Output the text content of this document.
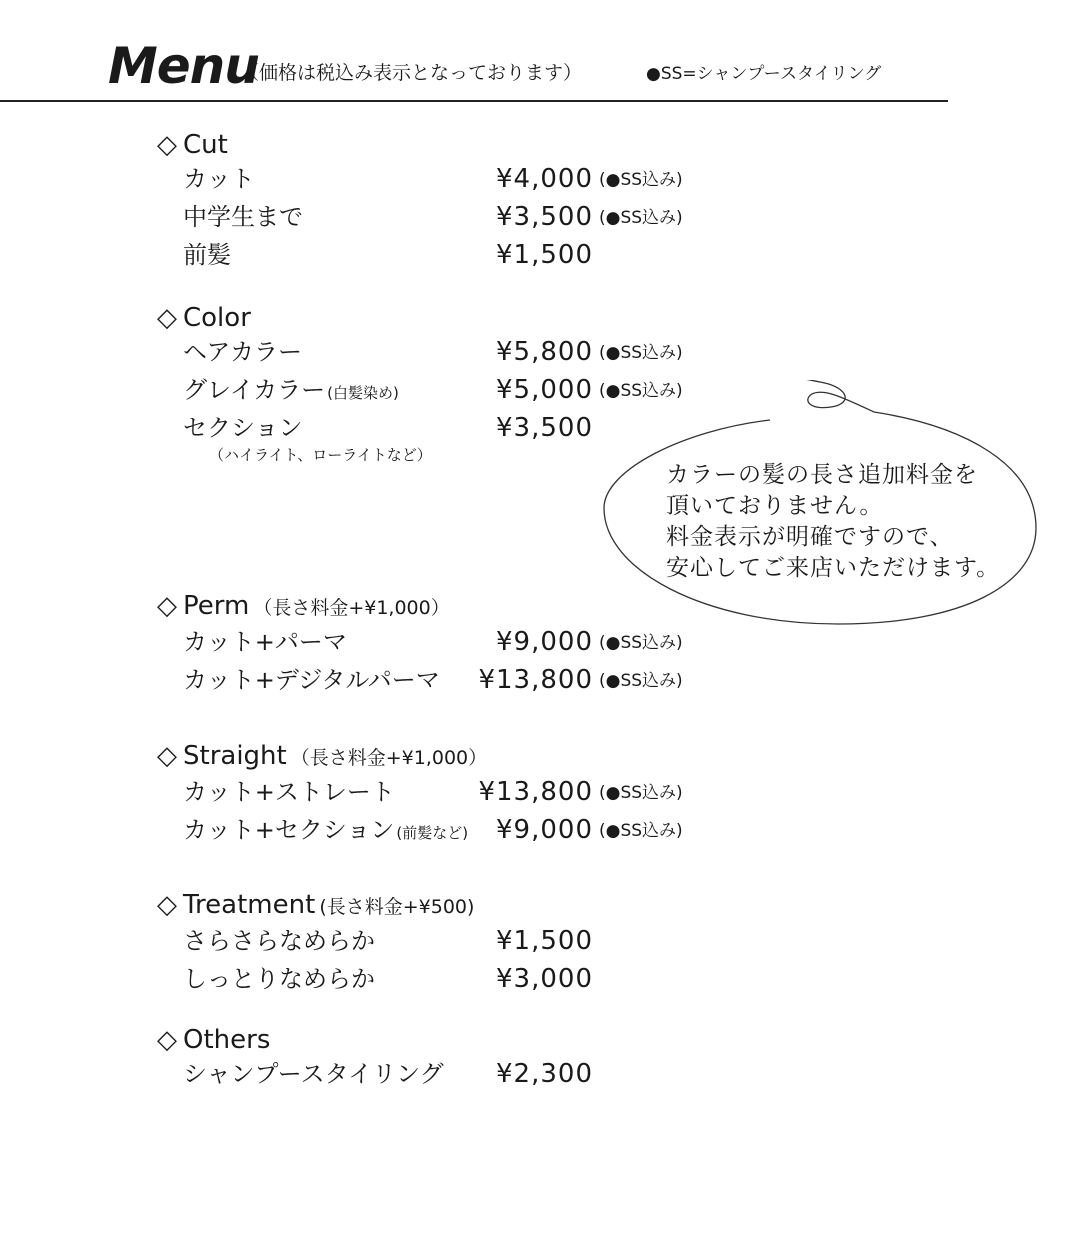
Menu
（価格は税込み表示となっております）	●SS=シャンプースタイリング
◇ Cut
カット	¥4,000 (●SS込み)
中学生まで	¥3,500 (●SS込み)
前髪	¥1,500
◇ Color
ヘアカラー	¥5,800 (●SS込み)
グレイカラー (白髪染め)	¥5,000 (●SS込み)
セクション	¥3,500
（ハイライト、ローライトなど）
◇ Perm （長さ料金+¥1,000）
カット+パーマ	¥9,000 (●SS込み)
カット+デジタルパーマ	¥13,800 (●SS込み)
◇ Straight （長さ料金+¥1,000）
カット+ストレート	¥13,800 (●SS込み)
カット+セクション (前髪など)	¥9,000 (●SS込み)
◇ Treatment (長さ料金+¥500)
さらさらなめらか	¥1,500
しっとりなめらか	¥3,000
◇ Others
シャンプースタイリング	¥2,300
カラーの髪の長さ追加料金を
頂いておりません。
料金表示が明確ですので、
安心してご来店いただけます。
